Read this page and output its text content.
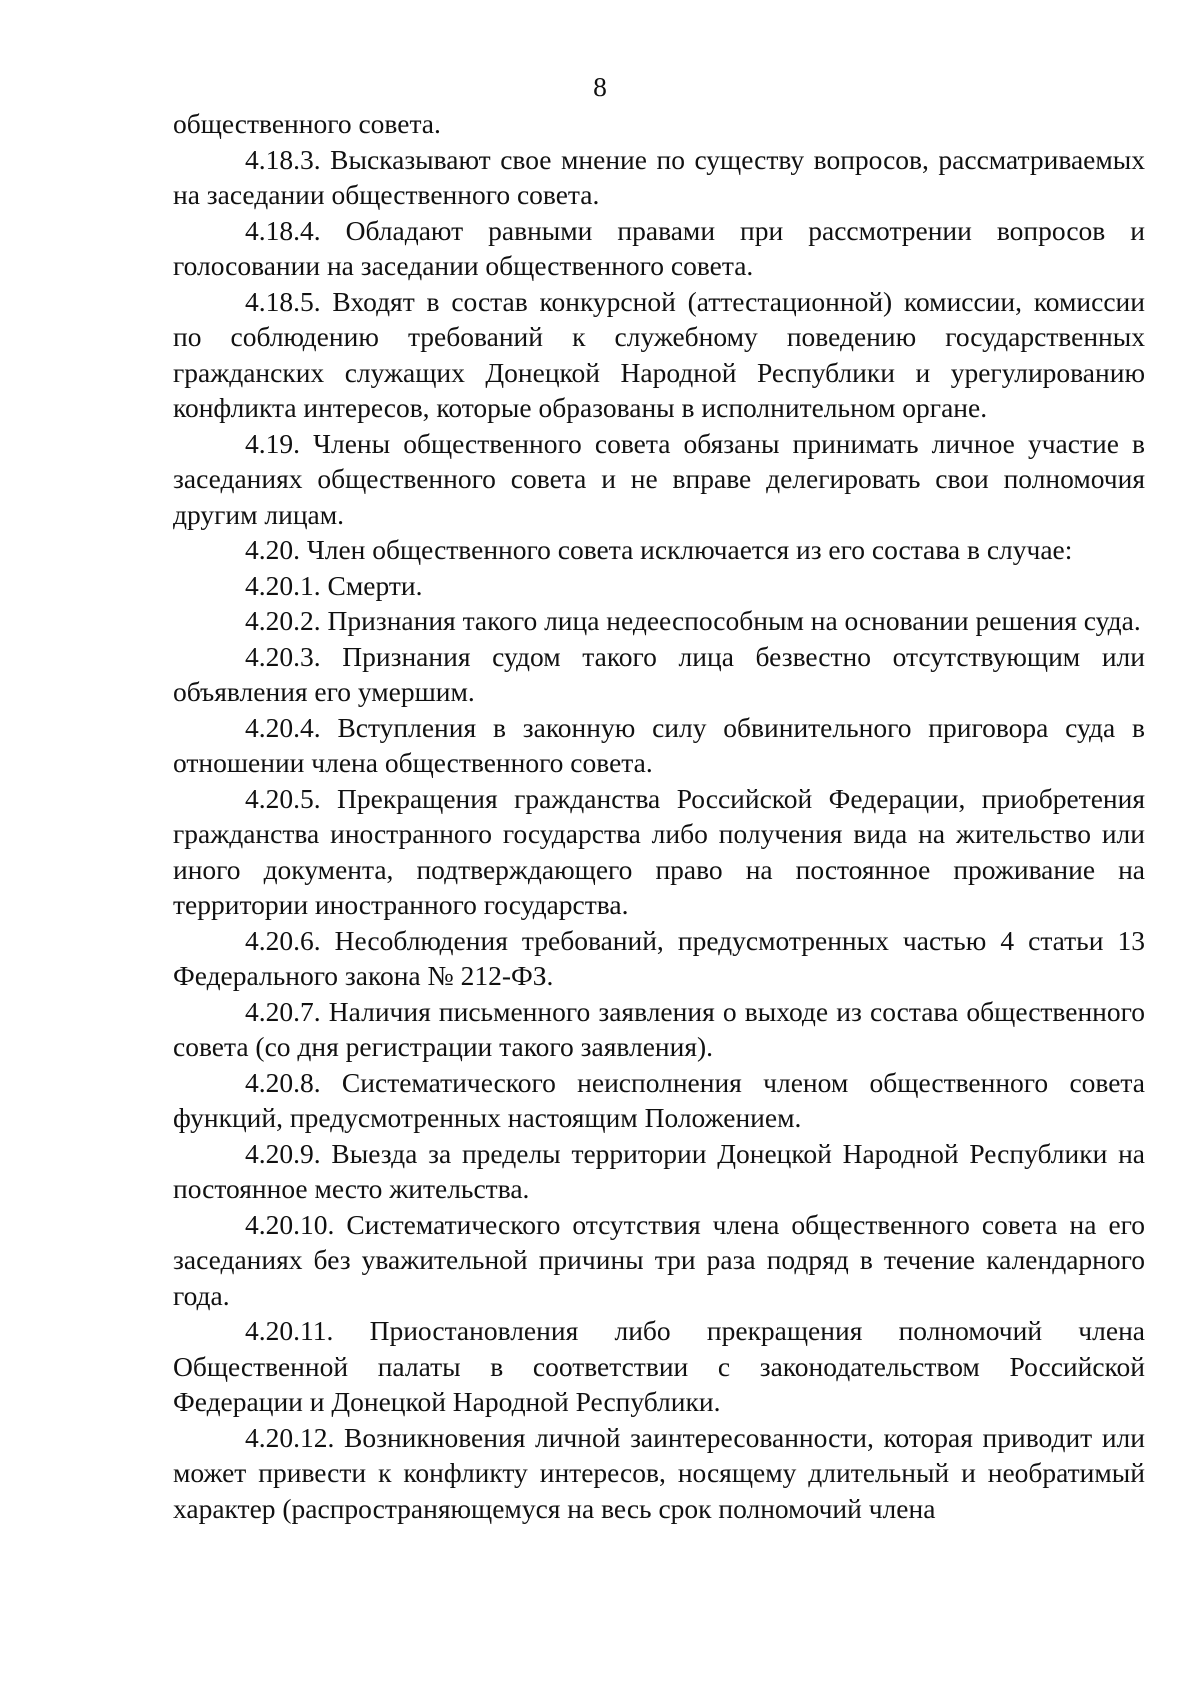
8

общественного совета.

4.18.3. Высказывают свое мнение по существу вопросов, рассматриваемых на заседании общественного совета.

4.18.4. Обладают равными правами при рассмотрении вопросов и голосовании на заседании общественного совета.

4.18.5. Входят в состав конкурсной (аттестационной) комиссии, комиссии по соблюдению требований к служебному поведению государственных гражданских служащих Донецкой Народной Республики и урегулированию конфликта интересов, которые образованы в исполнительном органе.

4.19. Члены общественного совета обязаны принимать личное участие в заседаниях общественного совета и не вправе делегировать свои полномочия другим лицам.

4.20. Член общественного совета исключается из его состава в случае:

4.20.1. Смерти.

4.20.2. Признания такого лица недееспособным на основании решения суда.

4.20.3. Признания судом такого лица безвестно отсутствующим или объявления его умершим.

4.20.4. Вступления в законную силу обвинительного приговора суда в отношении члена общественного совета.

4.20.5. Прекращения гражданства Российской Федерации, приобретения гражданства иностранного государства либо получения вида на жительство или иного документа, подтверждающего право на постоянное проживание на территории иностранного государства.

4.20.6. Несоблюдения требований, предусмотренных частью 4 статьи 13 Федерального закона № 212-ФЗ.

4.20.7. Наличия письменного заявления о выходе из состава общественного совета (со дня регистрации такого заявления).

4.20.8. Систематического неисполнения членом общественного совета функций, предусмотренных настоящим Положением.

4.20.9. Выезда за пределы территории Донецкой Народной Республики на постоянное место жительства.

4.20.10. Систематического отсутствия члена общественного совета на его заседаниях без уважительной причины три раза подряд в течение календарного года.

4.20.11. Приостановления либо прекращения полномочий члена Общественной палаты в соответствии с законодательством Российской Федерации и Донецкой Народной Республики.

4.20.12. Возникновения личной заинтересованности, которая приводит или может привести к конфликту интересов, носящему длительный и необратимый характер (распространяющемуся на весь срок полномочий члена
